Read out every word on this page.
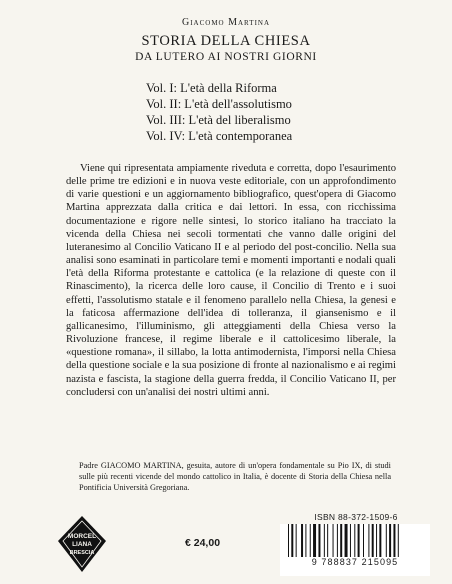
Giacomo Martina
STORIA DELLA CHIESA
DA LUTERO AI NOSTRI GIORNI
Vol. I: L'età della Riforma
Vol. II: L'età dell'assolutismo
Vol. III: L'età del liberalismo
Vol. IV: L'età contemporanea

Viene qui ripresentata ampiamente riveduta e corretta, dopo l'esaurimento delle prime tre edizioni e in nuova veste editoriale, con un approfondimento di varie questioni e un aggiornamento bibliografico, quest'opera di Giacomo Martina apprezzata dalla critica e dai lettori. In essa, con ricchissima documentazione e rigore nelle sintesi, lo storico italiano ha tracciato la vicenda della Chiesa nei secoli tormentati che vanno dalle origini del luteranesimo al Concilio Vaticano II e al periodo del post-concilio. Nella sua analisi sono esaminati in particolare temi e momenti importanti e nodali quali l'età della Riforma protestante e cattolica (e la relazione di queste con il Rinascimento), la ricerca delle loro cause, il Concilio di Trento e i suoi effetti, l'assolutismo statale e il fenomeno parallelo nella Chiesa, la genesi e la faticosa affermazione dell'idea di tolleranza, il giansenismo e il gallicanesimo, l'illuminismo, gli atteggiamenti della Chiesa verso la Rivoluzione francese, il regime liberale e il cattolicesimo liberale, la «questione romana», il sillabo, la lotta antimodernista, l'imporsi nella Chiesa della questione sociale e la sua posizione di fronte al nazionalismo e ai regimi nazista e fascista, la stagione della guerra fredda, il Concilio Vaticano II, per concludersi con un'analisi dei nostri ultimi anni.

Padre GIACOMO MARTINA, gesuita, autore di un'opera fondamentale su Pio IX, di studi sulle più recenti vicende del mondo cattolico in Italia, è docente di Storia della Chiesa nella Pontificia Università Gregoriana.

MORCEL
LIANA
BRESCIA
€ 24,00
ISBN 88-372-1509-6
9 788837 215095
